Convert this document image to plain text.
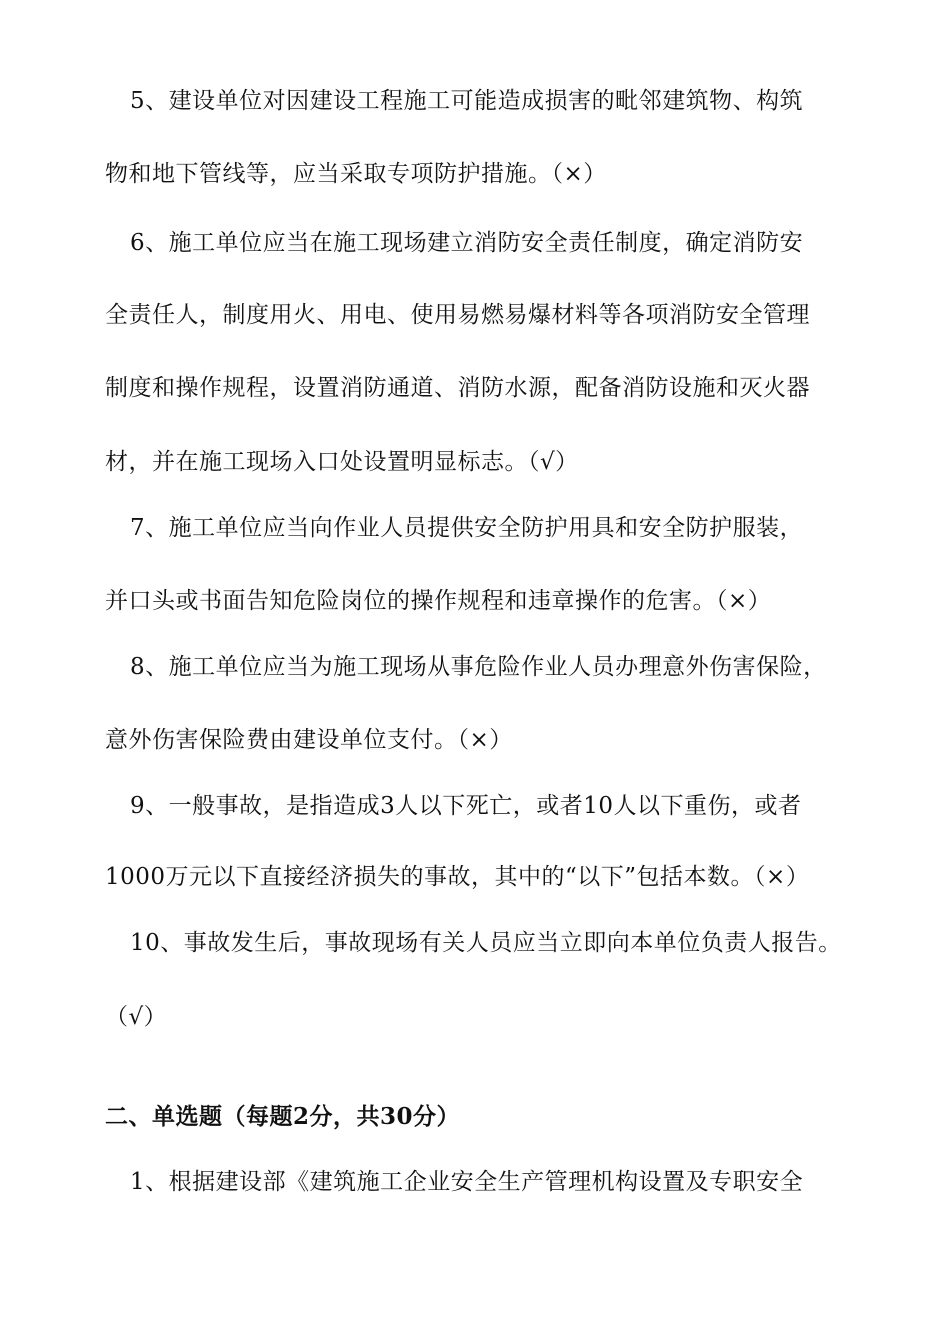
5、建设单位对因建设工程施工可能造成损害的毗邻建筑物、构筑
物和地下管线等，应当采取专项防护措施。（×）
6、施工单位应当在施工现场建立消防安全责任制度，确定消防安
全责任人，制度用火、用电、使用易燃易爆材料等各项消防安全管理
制度和操作规程，设置消防通道、消防水源，配备消防设施和灭火器
材，并在施工现场入口处设置明显标志。（√）
7、施工单位应当向作业人员提供安全防护用具和安全防护服装，
并口头或书面告知危险岗位的操作规程和违章操作的危害。（×）
8、施工单位应当为施工现场从事危险作业人员办理意外伤害保险，
意外伤害保险费由建设单位支付。（×）
9、一般事故，是指造成3人以下死亡，或者10人以下重伤，或者
1000万元以下直接经济损失的事故，其中的“以下”包括本数。（×）
10、事故发生后，事故现场有关人员应当立即向本单位负责人报告。
（√）
二、单选题（每题2分，共30分）
1、根据建设部《建筑施工企业安全生产管理机构设置及专职安全
